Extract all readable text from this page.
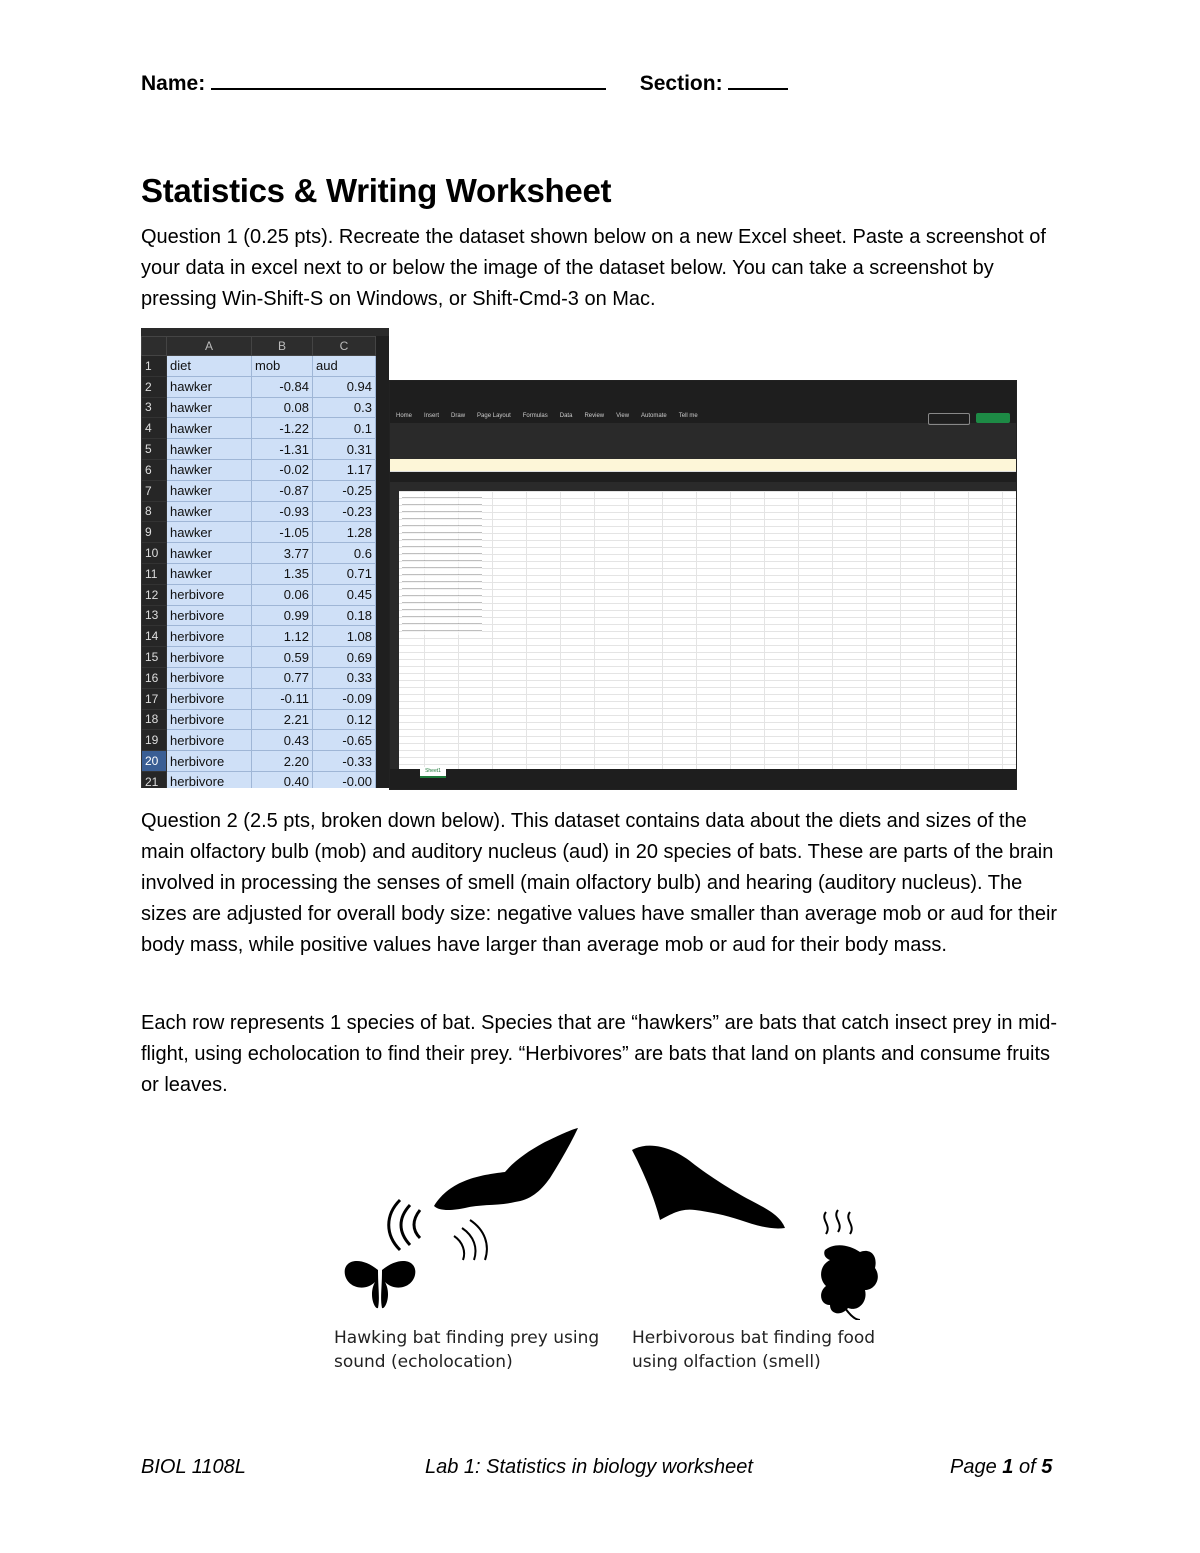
Name:	Section:
Statistics & Writing Worksheet

Question 1 (0.25 pts). Recreate the dataset shown below on a new Excel sheet. Paste a screenshot of your data in excel next to or below the image of the dataset below. You can take a screenshot by pressing Win-Shift-S on Windows, or Shift-Cmd-3 on Mac.

	A	B	C
1	diet	mob	aud
2	hawker	-0.84	0.94
3	hawker	0.08	0.3
4	hawker	-1.22	0.1
5	hawker	-1.31	0.31
6	hawker	-0.02	1.17
7	hawker	-0.87	-0.25
8	hawker	-0.93	-0.23
9	hawker	-1.05	1.28
10	hawker	3.77	0.6
11	hawker	1.35	0.71
12	herbivore	0.06	0.45
13	herbivore	0.99	0.18
14	herbivore	1.12	1.08
15	herbivore	0.59	0.69
16	herbivore	0.77	0.33
17	herbivore	-0.11	-0.09
18	herbivore	2.21	0.12
19	herbivore	0.43	-0.65
20	herbivore	2.20	-0.33
21	herbivore	0.40	-0.00
Home Insert Draw Page Layout Formulas Data Review View Automate Tell me
Sheet1

Question 2 (2.5 pts, broken down below). This dataset contains data about the diets and sizes of the main olfactory bulb (mob) and auditory nucleus (aud) in 20 species of bats. These are parts of the brain involved in processing the senses of smell (main olfactory bulb) and hearing (auditory nucleus). The sizes are adjusted for overall body size: negative values have smaller than average mob or aud for their body mass, while positive values have larger than average mob or aud for their body mass.

Each row represents 1 species of bat. Species that are “hawkers” are bats that catch insect prey in mid-flight, using echolocation to find their prey. “Herbivores” are bats that land on plants and consume fruits or leaves.

Hawking bat finding prey using
sound (echolocation)
Herbivorous bat finding food
using olfaction (smell)
BIOL 1108L	Lab 1: Statistics in biology worksheet	Page 1 of 5
